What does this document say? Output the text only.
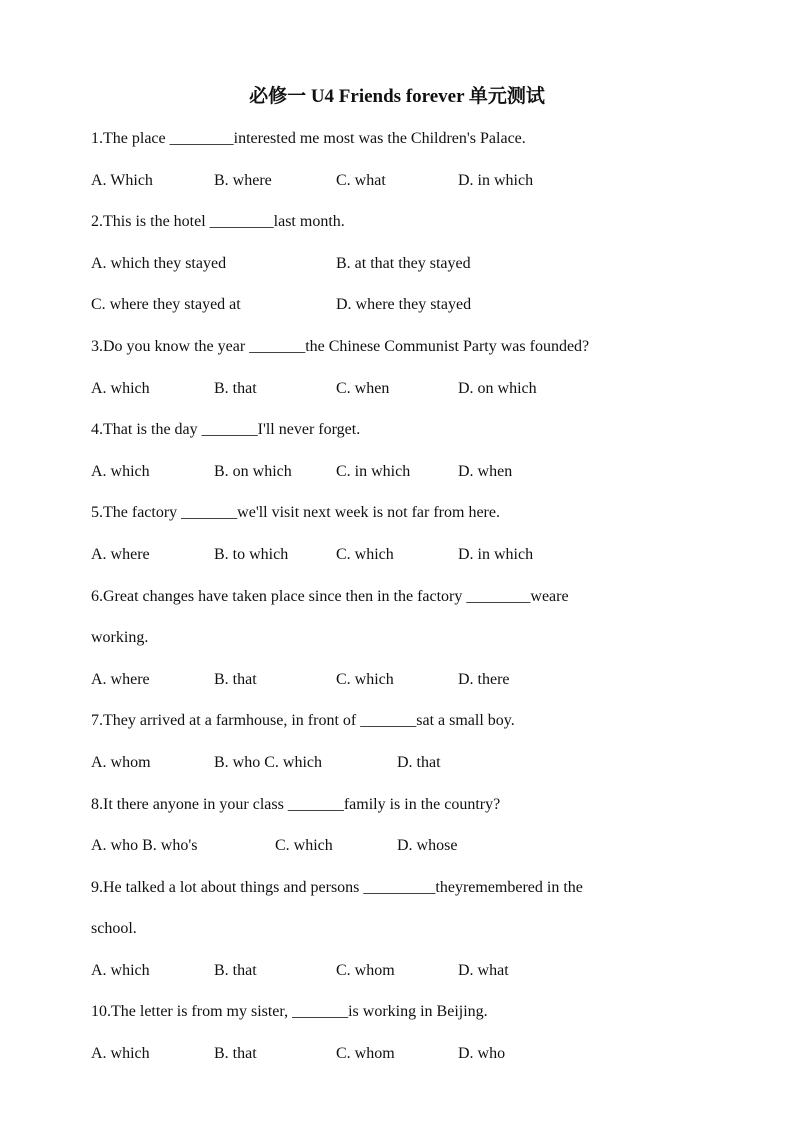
必修一 U4 Friends forever 单元测试
1.The place ________interested me most was the Children's Palace.
A. Which	B. where	C. what	D. in which
2.This is the hotel ________last month.
A. which they stayed	B. at that they stayed
C. where they stayed at	D. where they stayed
3.Do you know the year _______the Chinese Communist Party was founded?
A. which	B. that	C. when	D. on which
4.That is the day _______I'll never forget.
A. which	B. on which	C. in which	D. when
5.The factory _______we'll visit next week is not far from here.
A. where	B. to which	C. which	D. in which
6.Great changes have taken place since then in the factory ________weare
working.
A. where	B. that	C. which	D. there
7.They arrived at a farmhouse, in front of _______sat a small boy.
A. whom	B. who C. which	D. that
8.It there anyone in your class _______family is in the country?
A. who B. who's	C. which	D. whose
9.He talked a lot about things and persons _________theyremembered in the
school.
A. which	B. that	C. whom	D. what
10.The letter is from my sister, _______is working in Beijing.
A. which	B. that	C. whom	D. who
